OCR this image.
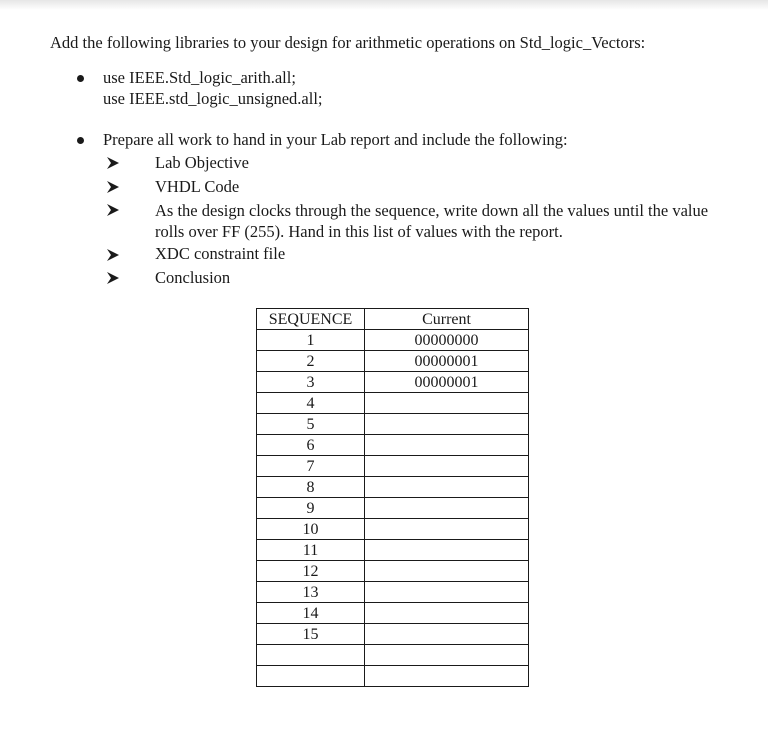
Add the following libraries to your design for arithmetic operations on Std_logic_Vectors:
use IEEE.Std_logic_arith.all;
use IEEE.std_logic_unsigned.all;
Prepare all work to hand in your Lab report and include the following:
Lab Objective
VHDL Code
As the design clocks through the sequence, write down all the values until the value
rolls over FF (255). Hand in this list of values with the report.
XDC constraint file
Conclusion
SEQUENCE	Current
1	00000000
2	00000001
3	00000001
4	
5	
6	
7	
8	
9	
10	
11	
12	
13	
14	
15	
